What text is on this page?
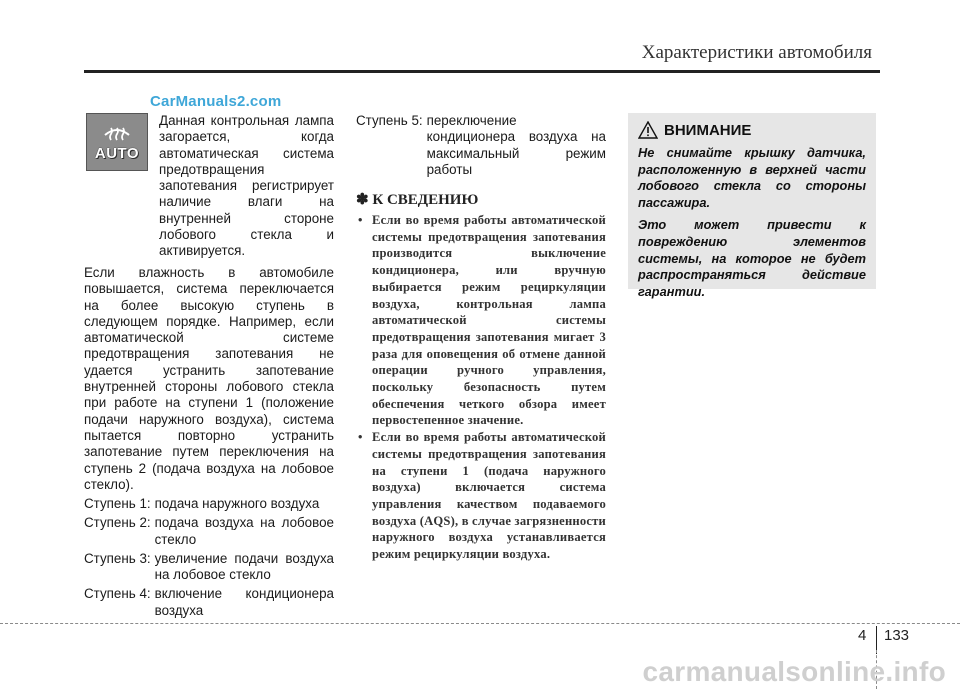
Характеристики автомобиля
CarManuals2.com
AUTO
Данная контрольная лампа загорается, когда автоматическая система предотвращения запотевания регистрирует наличие влаги на внутренней стороне лобового стекла и активируется.

Если влажность в автомобиле повышается, система переключается на более высокую ступень в следующем порядке. Например, если автоматической системе предотвращения запотевания не удается устранить запотевание внутренней стороны лобового стекла при работе на ступени 1 (положение подачи наружного воздуха), система пытается повторно устранить запотевание путем переключения на ступень 2 (подача воздуха на лобовое стекло).

Ступень 1: подача наружного воздуха
Ступень 2: подача воздуха на лобовое стекло
Ступень 3: увеличение подачи воздуха на лобовое стекло
Ступень 4: включение кондиционера воздуха
Ступень 5: переключение кондиционера воздуха на максимальный режим работы
✽ К СВЕДЕНИЮ
• Если во время работы автоматической системы предотвращения запотевания производится выключение кондиционера, или вручную выбирается режим рециркуляции воздуха, контрольная лампа автоматической системы предотвращения запотевания мигает 3 раза для оповещения об отмене данной операции ручного управления, поскольку безопасность путем обеспечения четкого обзора имеет первостепенное значение.
• Если во время работы автоматической системы предотвращения запотевания на ступени 1 (подача наружного воздуха) включается система управления качеством подаваемого воздуха (AQS), в случае загрязненности наружного воздуха устанавливается режим рециркуляции воздуха.
ВНИМАНИЕ

Не снимайте крышку датчика, расположенную в верхней части лобового стекла со стороны пассажира.

Это может привести к повреждению элементов системы, на которое не будет распространяться действие гарантии.

4 133
carmanualsonline.info
